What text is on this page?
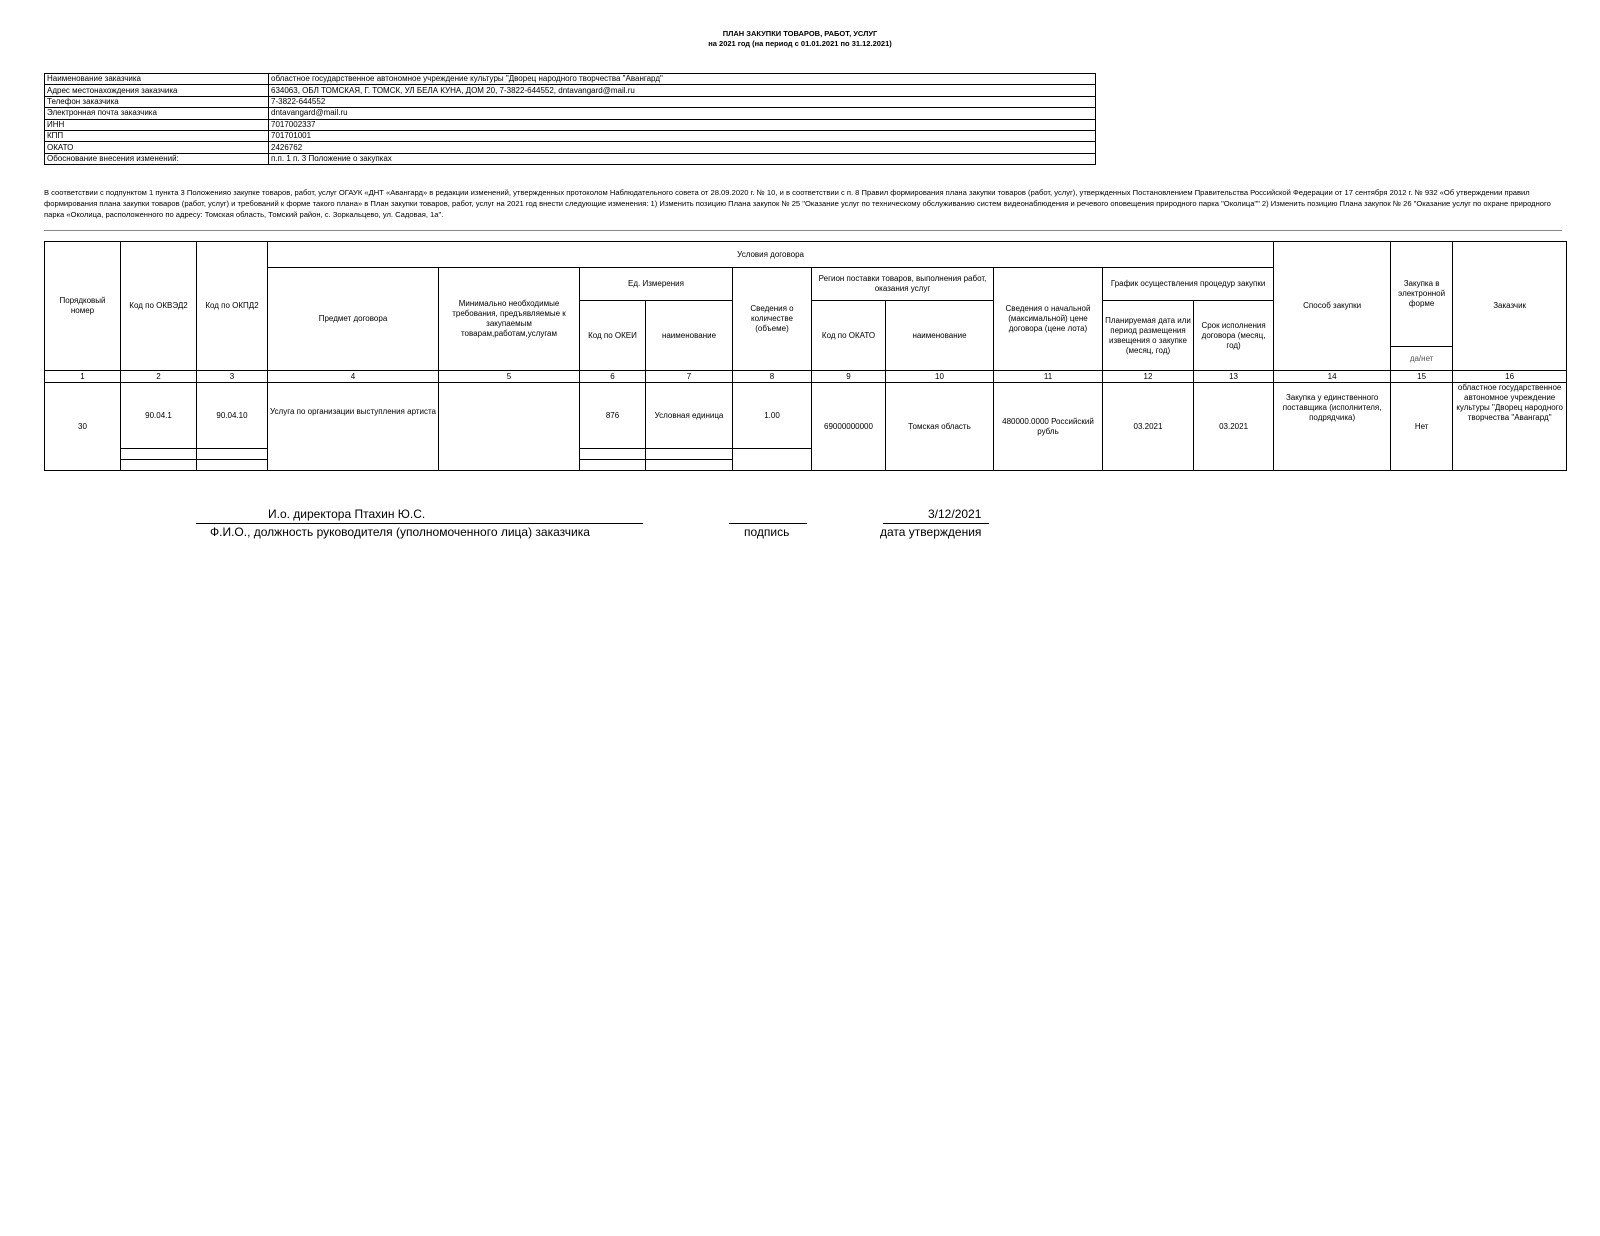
ПЛАН ЗАКУПКИ ТОВАРОВ, РАБОТ, УСЛУГ
на 2021 год (на период с 01.01.2021 по 31.12.2021)
Наименование заказчика	областное государственное автономное учреждение культуры "Дворец народного творчества "Авангард"
Адрес местонахождения заказчика	634063, ОБЛ ТОМСКАЯ, Г. ТОМСК, УЛ БЕЛА КУНА, ДОМ 20, 7-3822-644552, dntavangard@mail.ru
Телефон заказчика	7-3822-644552
Электронная почта заказчика	dntavangard@mail.ru
ИНН	7017002337
КПП	701701001
ОКАТО	2426762
Обоснование внесения изменений:	п.п. 1 п. 3 Положение о закупках
В соответствии с подпунктом 1 пункта 3 Положенияо закупке товаров, работ, услуг ОГАУК «ДНТ «Авангард» в редакции изменений, утвержденных протоколом Наблюдательного совета от 28.09.2020 г. № 10, и в соответствии с п. 8 Правил формирования плана закупки товаров (работ, услуг), утвержденных Постановлением Правительства Российской Федерации от 17 сентября 2012 г. № 932 «Об утверждении правил формирования плана закупки товаров (работ, услуг) и требований к форме такого плана» в План закупки товаров, работ, услуг на 2021 год внести следующие изменения: 1) Изменить позицию Плана закупок № 25 "Оказание услуг по техническому обслуживанию систем видеонаблюдения и речевого оповещения природного парка "Околица"" 2) Изменить позицию Плана закупок № 26 "Оказание услуг по охране природного парка «Околица, расположенного по адресу: Томская область, Томский район, с. Зоркальцево, ул. Садовая, 1а".
Порядковый номер	Код по ОКВЭД2	Код по ОКПД2	Условия договора										Способ закупки	Закупка в электронной форме	Заказчик
			Предмет договора	Минимально необходимые требования, предъявляемые к закупаемым товарам,работам,услугам	Ед. Измерения		Сведения о количестве (объеме)	Регион поставки товаров, выполнения работ, оказания услуг		Сведения о начальной (максимальной) цене договора (цене лота)	График осуществления процедур закупки				
					Код по ОКЕИ	наименование		Код по ОКАТО	наименование		Планируемая дата или период размещения извещения о закупке (месяц, год)	Срок исполнения договора (месяц, год)			

														да/нет	
1	2	3	4	5	6	7	8	9	10	11	12	13	14	15	16
30	90.04.1	90.04.10	Услуга по организации выступления артиста		876	Условная единица	1.00	69000000000	Томская область	480000.0000 Российский рубль	03.2021	03.2021	Закупка у единственного поставщика (исполнителя, подрядчика)	Нет	областное государственное автономное учреждение культуры "Дворец народного творчества "Авангард"

И.о. директора Птахин Ю.С.
Ф.И.О., должность руководителя (уполномоченного лица) заказчика	подпись
3/12/2021
дата утверждения
